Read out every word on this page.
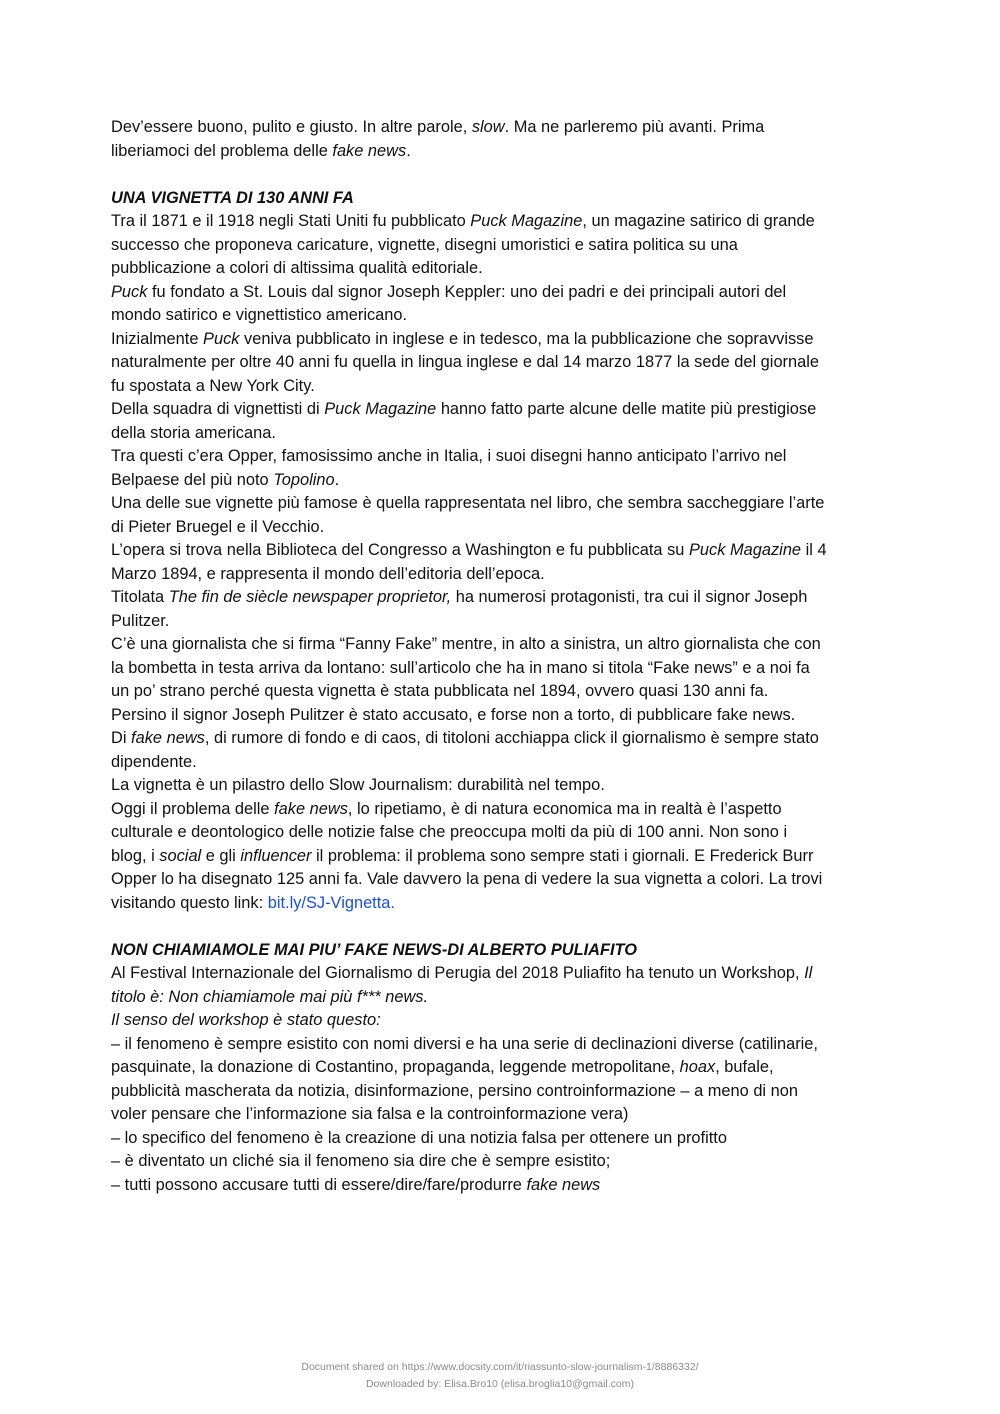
Dev’essere buono, pulito e giusto. In altre parole, slow. Ma ne parleremo più avanti. Prima
liberiamoci del problema delle fake news.
UNA VIGNETTA DI 130 ANNI FA
Tra il 1871 e il 1918 negli Stati Uniti fu pubblicato Puck Magazine, un magazine satirico di grande
successo che proponeva caricature, vignette, disegni umoristici e satira politica su una
pubblicazione a colori di altissima qualità editoriale.
Puck fu fondato a St. Louis dal signor Joseph Keppler: uno dei padri e dei principali autori del
mondo satirico e vignettistico americano.
Inizialmente Puck veniva pubblicato in inglese e in tedesco, ma la pubblicazione che sopravvisse
naturalmente per oltre 40 anni fu quella in lingua inglese e dal 14 marzo 1877 la sede del giornale
fu spostata a New York City.
Della squadra di vignettisti di Puck Magazine hanno fatto parte alcune delle matite più prestigiose
della storia americana.
Tra questi c’era Opper, famosissimo anche in Italia, i suoi disegni hanno anticipato l’arrivo nel
Belpaese del più noto Topolino.
Una delle sue vignette più famose è quella rappresentata nel libro, che sembra saccheggiare l’arte
di Pieter Bruegel e il Vecchio.
L’opera si trova nella Biblioteca del Congresso a Washington e fu pubblicata su Puck Magazine il 4
Marzo 1894, e rappresenta il mondo dell’editoria dell’epoca.
Titolata The fin de siècle newspaper proprietor, ha numerosi protagonisti, tra cui il signor Joseph
Pulitzer.
C’è una giornalista che si firma “Fanny Fake” mentre, in alto a sinistra, un altro giornalista che con
la bombetta in testa arriva da lontano: sull’articolo che ha in mano si titola “Fake news” e a noi fa
un po’ strano perché questa vignetta è stata pubblicata nel 1894, ovvero quasi 130 anni fa.
Persino il signor Joseph Pulitzer è stato accusato, e forse non a torto, di pubblicare fake news.
Di fake news, di rumore di fondo e di caos, di titoloni acchiappa click il giornalismo è sempre stato
dipendente.
La vignetta è un pilastro dello Slow Journalism: durabilità nel tempo.
Oggi il problema delle fake news, lo ripetiamo, è di natura economica ma in realtà è l’aspetto
culturale e deontologico delle notizie false che preoccupa molti da più di 100 anni. Non sono i
blog, i social e gli influencer il problema: il problema sono sempre stati i giornali. E Frederick Burr
Opper lo ha disegnato 125 anni fa. Vale davvero la pena di vedere la sua vignetta a colori. La trovi
visitando questo link: bit.ly/SJ-Vignetta.
NON CHIAMIAMOLE MAI PIU’ FAKE NEWS-DI ALBERTO PULIAFITO
Al Festival Internazionale del Giornalismo di Perugia del 2018 Puliafito ha tenuto un Workshop, Il
titolo è: Non chiamiamole mai più f*** news.
Il senso del workshop è stato questo:
– il fenomeno è sempre esistito con nomi diversi e ha una serie di declinazioni diverse (catilinarie,
pasquinate, la donazione di Costantino, propaganda, leggende metropolitane, hoax, bufale,
pubblicità mascherata da notizia, disinformazione, persino controinformazione – a meno di non
voler pensare che l’informazione sia falsa e la controinformazione vera)
– lo specifico del fenomeno è la creazione di una notizia falsa per ottenere un profitto
– è diventato un cliché sia il fenomeno sia dire che è sempre esistito;
– tutti possono accusare tutti di essere/dire/fare/produrre fake news
Document shared on https://www.docsity.com/it/riassunto-slow-journalism-1/8886332/
Downloaded by: Elisa.Bro10 (elisa.broglia10@gmail.com)
